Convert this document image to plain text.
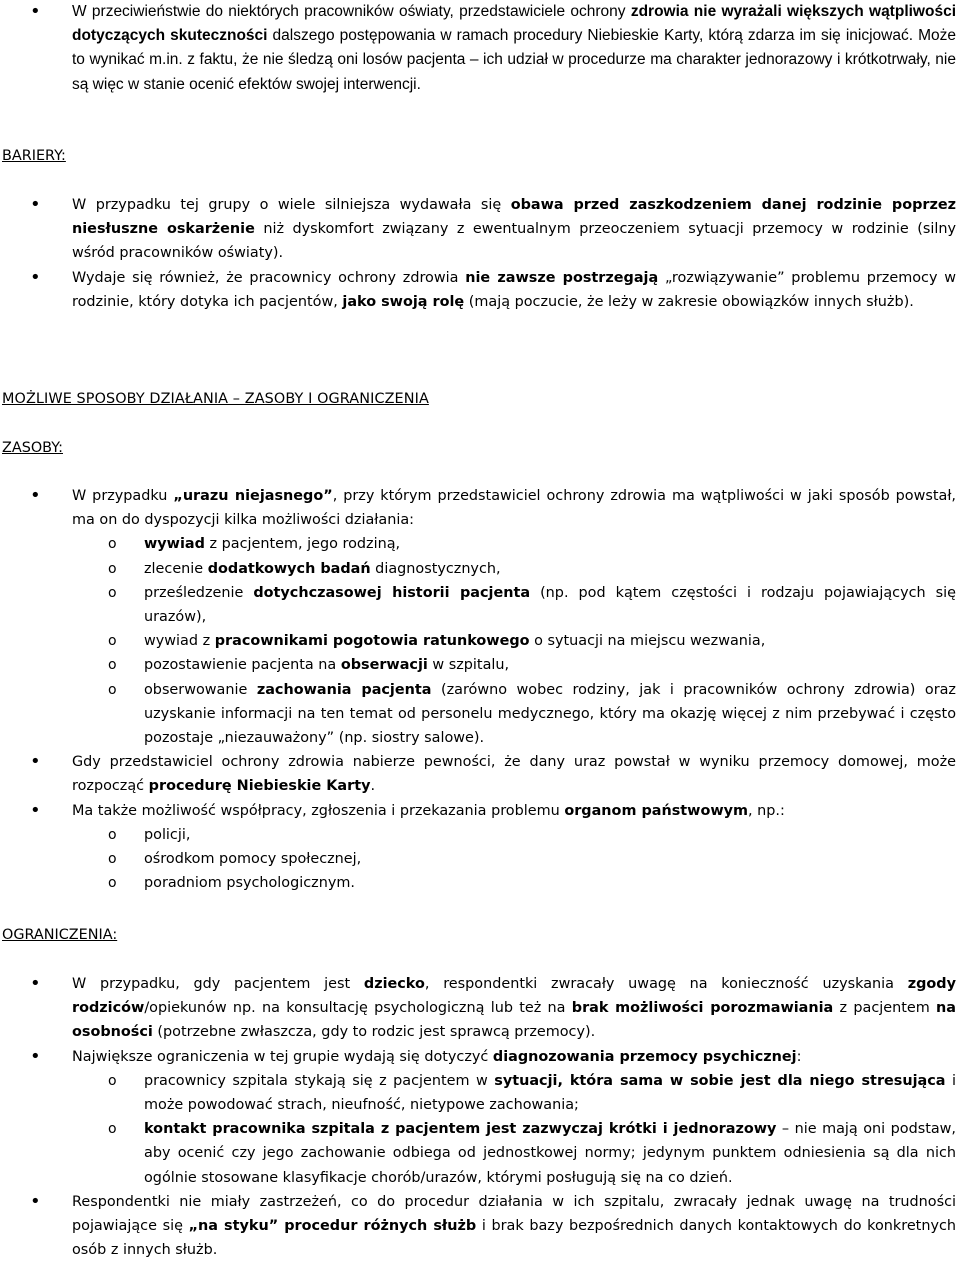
• W przeciwieństwie do niektórych pracowników oświaty, przedstawiciele ochrony zdrowia nie wyrażali większych wątpliwości dotyczących skuteczności dalszego postępowania w ramach procedury Niebieskie Karty, którą zdarza im się inicjować. Może to wynikać m.in. z faktu, że nie śledzą oni losów pacjenta – ich udział w procedurze ma charakter jednorazowy i krótkotrwały, nie są więc w stanie ocenić efektów swojej interwencji.

BARIERY:

• W przypadku tej grupy o wiele silniejsza wydawała się obawa przed zaszkodzeniem danej rodzinie poprzez niesłuszne oskarżenie niż dyskomfort związany z ewentualnym przeoczeniem sytuacji przemocy w rodzinie (silny wśród pracowników oświaty).

• Wydaje się również, że pracownicy ochrony zdrowia nie zawsze postrzegają „rozwiązywanie” problemu przemocy w rodzinie, który dotyka ich pacjentów, jako swoją rolę (mają poczucie, że leży w zakresie obowiązków innych służb).

MOŻLIWE SPOSOBY DZIAŁANIA – ZASOBY I OGRANICZENIA
ZASOBY:

• W przypadku „urazu niejasnego”, przy którym przedstawiciel ochrony zdrowia ma wątpliwości w jaki sposób powstał, ma on do dyspozycji kilka możliwości działania:

o wywiad z pacjentem, jego rodziną,

o zlecenie dodatkowych badań diagnostycznych,

o prześledzenie dotychczasowej historii pacjenta (np. pod kątem częstości i rodzaju pojawiających się urazów),

o wywiad z pracownikami pogotowia ratunkowego o sytuacji na miejscu wezwania,

o pozostawienie pacjenta na obserwacji w szpitalu,

o obserwowanie zachowania pacjenta (zarówno wobec rodziny, jak i pracowników ochrony zdrowia) oraz uzyskanie informacji na ten temat od personelu medycznego, który ma okazję więcej z nim przebywać i często pozostaje „niezauważony” (np. siostry salowe).

• Gdy przedstawiciel ochrony zdrowia nabierze pewności, że dany uraz powstał w wyniku przemocy domowej, może rozpocząć procedurę Niebieskie Karty.

• Ma także możliwość współpracy, zgłoszenia i przekazania problemu organom państwowym, np.:

o policji,

o ośrodkom pomocy społecznej,

o poradniom psychologicznym.

OGRANICZENIA:

• W przypadku, gdy pacjentem jest dziecko, respondentki zwracały uwagę na konieczność uzyskania zgody rodziców/opiekunów np. na konsultację psychologiczną lub też na brak możliwości porozmawiania z pacjentem na osobności (potrzebne zwłaszcza, gdy to rodzic jest sprawcą przemocy).

• Największe ograniczenia w tej grupie wydają się dotyczyć diagnozowania przemocy psychicznej:

o pracownicy szpitala stykają się z pacjentem w sytuacji, która sama w sobie jest dla niego stresująca i może powodować strach, nieufność, nietypowe zachowania;

o kontakt pracownika szpitala z pacjentem jest zazwyczaj krótki i jednorazowy – nie mają oni podstaw, aby ocenić czy jego zachowanie odbiega od jednostkowej normy; jedynym punktem odniesienia są dla nich ogólnie stosowane klasyfikacje chorób/urazów, którymi posługują się na co dzień.

• Respondentki nie miały zastrzeżeń, co do procedur działania w ich szpitalu, zwracały jednak uwagę na trudności pojawiające się „na styku” procedur różnych służb i brak bazy bezpośrednich danych kontaktowych do konkretnych osób z innych służb.
